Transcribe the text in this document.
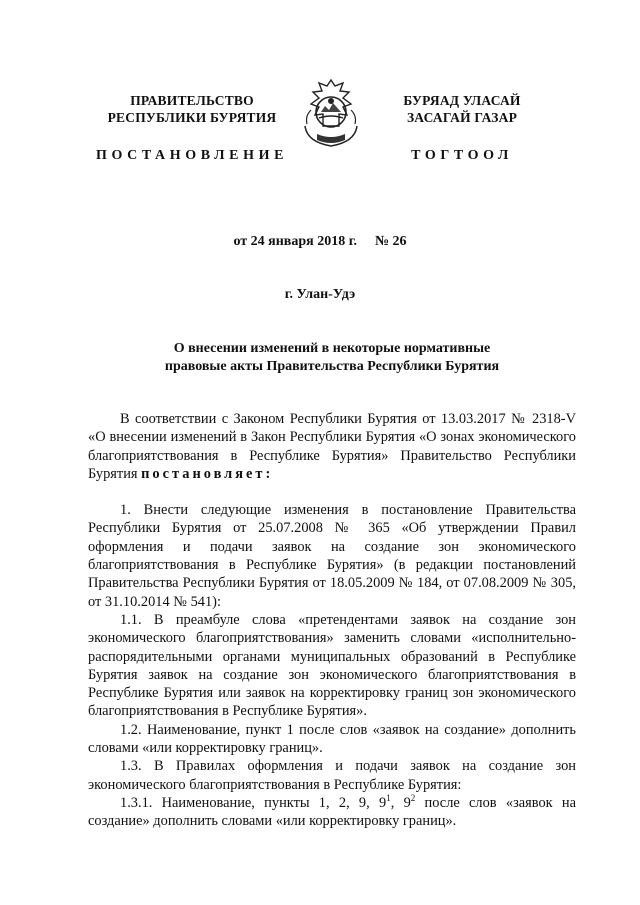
ПРАВИТЕЛЬСТВО
РЕСПУБЛИКИ БУРЯТИЯ
ПОСТАНОВЛЕНИЕ
БУРЯАД УЛАСАЙ
ЗАСАГАЙ ГАЗАР
ТОГТООЛ
от 24 января 2018 г. № 26
г. Улан-Удэ
О внесении изменений в некоторые нормативные
правовые акты Правительства Республики Бурятия

В соответствии с Законом Республики Бурятия от 13.03.2017 № 2318-V «О внесении изменений в Закон Республики Бурятия «О зонах экономического благоприятствования в Республике Бурятия» Правительство Республики Бурятия постановляет:

1. Внести следующие изменения в постановление Правительства Республики Бурятия от 25.07.2008 № 365 «Об утверждении Правил оформления и подачи заявок на создание зон экономического благоприятствования в Республике Бурятия» (в редакции постановлений Правительства Республики Бурятия от 18.05.2009 № 184, от 07.08.2009 № 305, от 31.10.2014 № 541):

1.1. В преамбуле слова «претендентами заявок на создание зон экономического благоприятствования» заменить словами «исполнительно-распорядительными органами муниципальных образований в Республике Бурятия заявок на создание зон экономического благоприятствования в Республике Бурятия или заявок на корректировку границ зон экономического благоприятствования в Республике Бурятия».

1.2. Наименование, пункт 1 после слов «заявок на создание» дополнить словами «или корректировку границ».

1.3. В Правилах оформления и подачи заявок на создание зон экономического благоприятствования в Республике Бурятия:

1.3.1. Наименование, пункты 1, 2, 9, $9^1$, $9^2$ после слов «заявок на создание» дополнить словами «или корректировку границ».
